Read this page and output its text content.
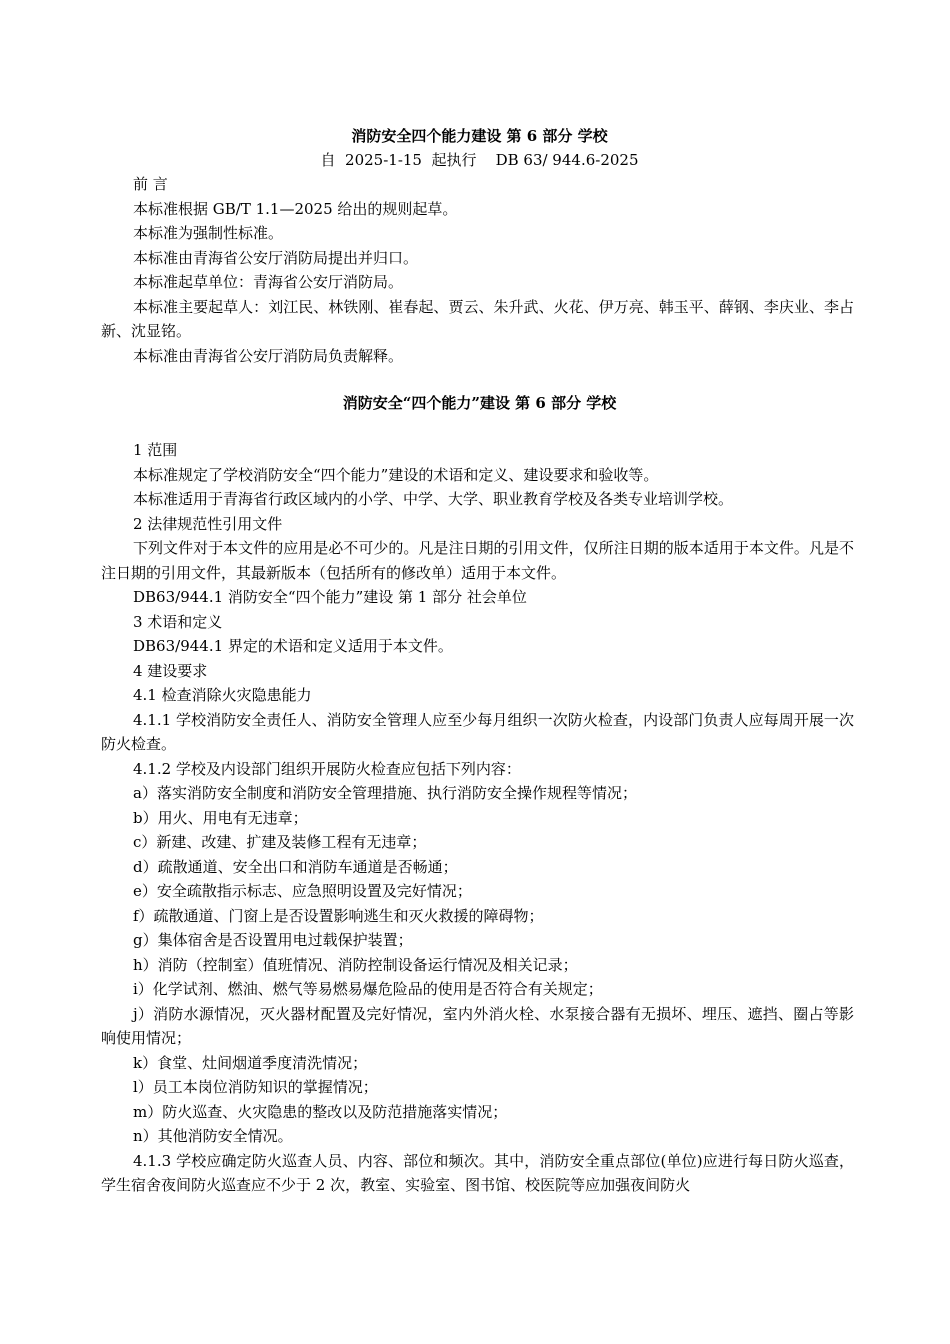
消防安全四个能力建设 第 6 部分 学校

自  2025-1-15  起执行    DB 63/ 944.6-2025

前 言

本标准根据 GB/T 1.1—2025 给出的规则起草。

本标准为强制性标准。

本标准由青海省公安厅消防局提出并归口。

本标准起草单位：青海省公安厅消防局。

本标准主要起草人：刘江民、林铁刚、崔春起、贾云、朱升武、火花、伊万亮、韩玉平、薛钢、李庆业、李占新、沈显铭。

本标准由青海省公安厅消防局负责解释。

消防安全“四个能力”建设 第 6 部分 学校

1 范围

本标准规定了学校消防安全“四个能力”建设的术语和定义、建设要求和验收等。

本标准适用于青海省行政区域内的小学、中学、大学、职业教育学校及各类专业培训学校。

2 法律规范性引用文件

下列文件对于本文件的应用是必不可少的。凡是注日期的引用文件，仅所注日期的版本适用于本文件。凡是不注日期的引用文件，其最新版本（包括所有的修改单）适用于本文件。

DB63/944.1 消防安全“四个能力”建设 第 1 部分 社会单位

3 术语和定义

DB63/944.1 界定的术语和定义适用于本文件。

4 建设要求

4.1 检查消除火灾隐患能力

4.1.1 学校消防安全责任人、消防安全管理人应至少每月组织一次防火检查，内设部门负责人应每周开展一次防火检查。

4.1.2 学校及内设部门组织开展防火检查应包括下列内容：

a）落实消防安全制度和消防安全管理措施、执行消防安全操作规程等情况；

b）用火、用电有无违章；

c）新建、改建、扩建及装修工程有无违章；

d）疏散通道、安全出口和消防车通道是否畅通；

e）安全疏散指示标志、应急照明设置及完好情况；

f）疏散通道、门窗上是否设置影响逃生和灭火救援的障碍物；

g）集体宿舍是否设置用电过载保护装置；

h）消防（控制室）值班情况、消防控制设备运行情况及相关记录；

i）化学试剂、燃油、燃气等易燃易爆危险品的使用是否符合有关规定；

j）消防水源情况，灭火器材配置及完好情况，室内外消火栓、水泵接合器有无损坏、埋压、遮挡、圈占等影响使用情况；

k）食堂、灶间烟道季度清洗情况；

l）员工本岗位消防知识的掌握情况；

m）防火巡查、火灾隐患的整改以及防范措施落实情况；

n）其他消防安全情况。

4.1.3 学校应确定防火巡查人员、内容、部位和频次。其中，消防安全重点部位(单位)应进行每日防火巡查，学生宿舍夜间防火巡查应不少于 2 次，教室、实验室、图书馆、校医院等应加强夜间防火
